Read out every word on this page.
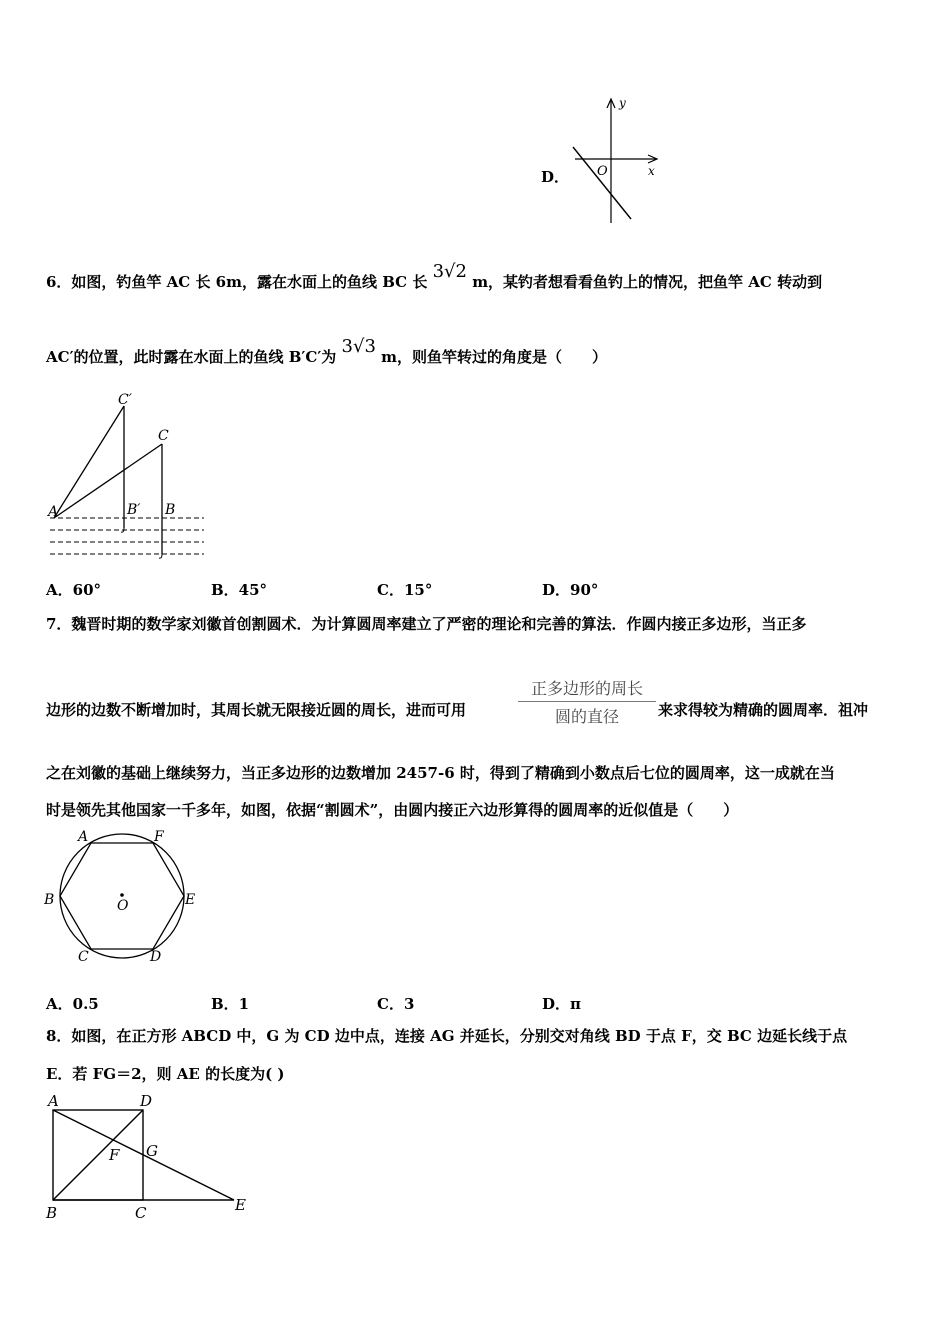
D．
y
x
O
6．如图，钓鱼竿 AC 长 6m，露在水面上的鱼线 BC 长 3√2 m，某钓者想看看鱼钓上的情况，把鱼竿 AC 转动到
AC′的位置，此时露在水面上的鱼线 B′C′为 3√3 m，则鱼竿转过的角度是（　　）
C′
C
A	B′ B
A．60°	B．45°	C．15°	D．90°
7．魏晋时期的数学家刘徽首创割圆术．为计算圆周率建立了严密的理论和完善的算法．作圆内接正多边形，当正多
边形的边数不断增加时，其周长就无限接近圆的周长，进而可用
正多边形的周长
圆的直径	来求得较为精确的圆周率．祖冲
之在刘徽的基础上继续努力，当正多边形的边数增加 2457-6 时，得到了精确到小数点后七位的圆周率，这一成就在当
时是领先其他国家一千多年，如图，依据“割圆术”，由圆内接正六边形算得的圆周率的近似值是（　　）
A	F
B	E
C	D
O
A．0.5	B．1	C．3	D．π
8．如图，在正方形 ABCD 中，G 为 CD 边中点，连接 AG 并延长，分别交对角线 BD 于点 F，交 BC 边延长线于点
E．若 FG＝2，则 AE 的长度为( )
A	D
G
F
B	C	E
